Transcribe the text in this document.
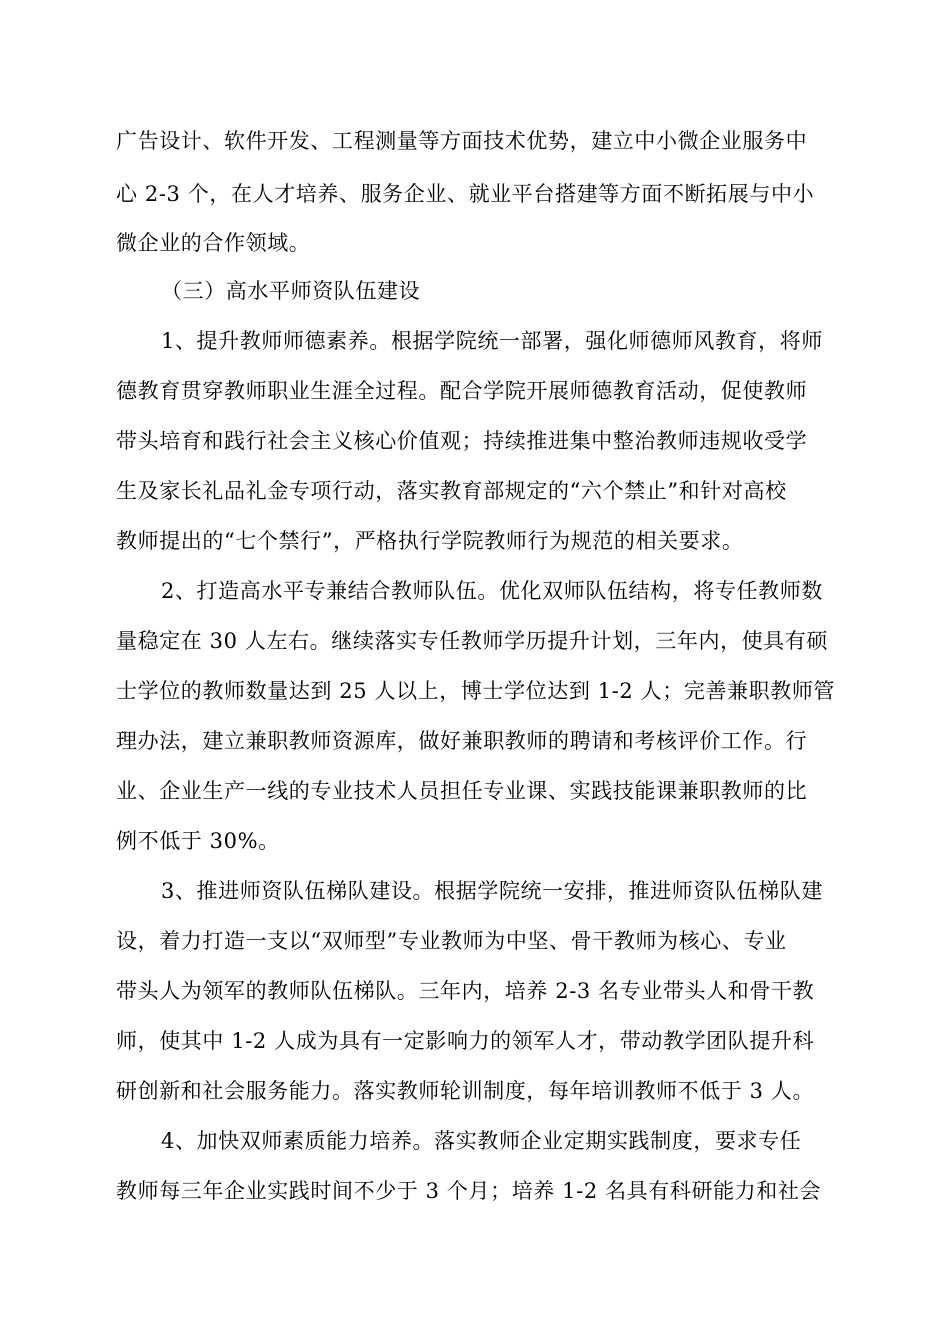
广告设计、软件开发、工程测量等方面技术优势，建立中小微企业服务中
心 2-3 个，在人才培养、服务企业、就业平台搭建等方面不断拓展与中小
微企业的合作领域。
（三）高水平师资队伍建设
1、提升教师师德素养。根据学院统一部署，强化师德师风教育，将师
德教育贯穿教师职业生涯全过程。配合学院开展师德教育活动，促使教师
带头培育和践行社会主义核心价值观；持续推进集中整治教师违规收受学
生及家长礼品礼金专项行动，落实教育部规定的“六个禁止”和针对高校
教师提出的“七个禁行”，严格执行学院教师行为规范的相关要求。
2、打造高水平专兼结合教师队伍。优化双师队伍结构，将专任教师数
量稳定在 30 人左右。继续落实专任教师学历提升计划，三年内，使具有硕
士学位的教师数量达到 25 人以上，博士学位达到 1-2 人；完善兼职教师管
理办法，建立兼职教师资源库，做好兼职教师的聘请和考核评价工作。行
业、企业生产一线的专业技术人员担任专业课、实践技能课兼职教师的比
例不低于 30%。
3、推进师资队伍梯队建设。根据学院统一安排，推进师资队伍梯队建
设，着力打造一支以“双师型”专业教师为中坚、骨干教师为核心、专业
带头人为领军的教师队伍梯队。三年内，培养 2-3 名专业带头人和骨干教
师，使其中 1-2 人成为具有一定影响力的领军人才，带动教学团队提升科
研创新和社会服务能力。落实教师轮训制度，每年培训教师不低于 3 人。
4、加快双师素质能力培养。落实教师企业定期实践制度，要求专任
教师每三年企业实践时间不少于 3 个月；培养 1-2 名具有科研能力和社会
